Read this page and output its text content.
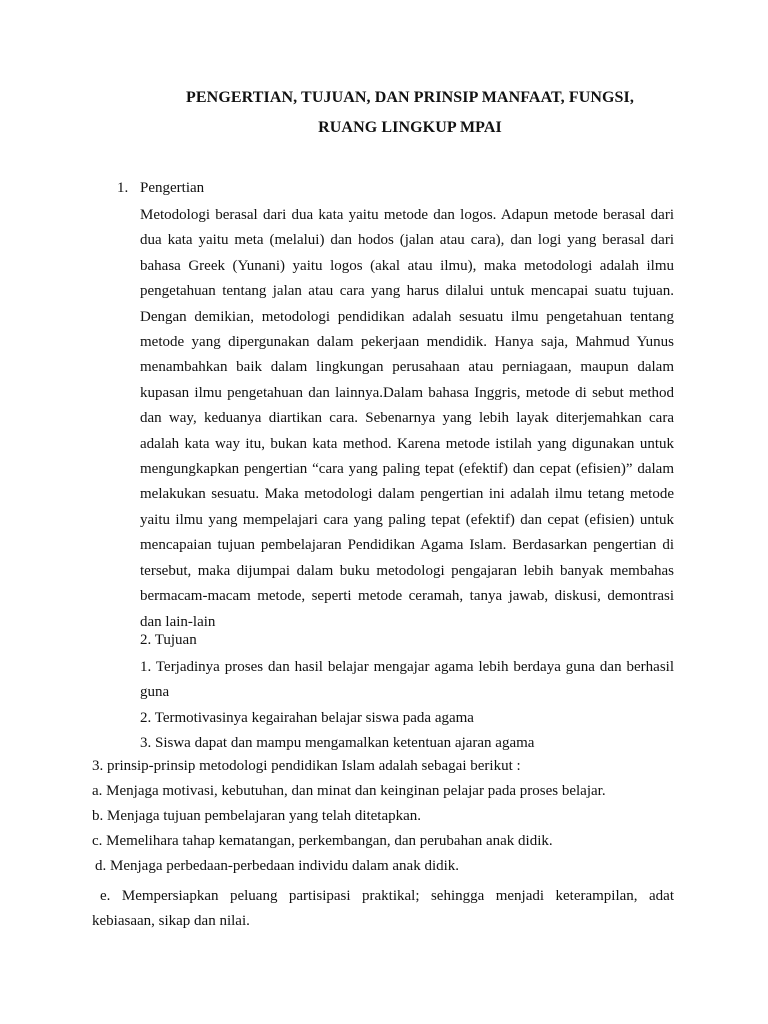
PENGERTIAN, TUJUAN, DAN PRINSIP MANFAAT, FUNGSI,
RUANG LINGKUP MPAI
1. Pengertian

Metodologi berasal dari dua kata yaitu metode dan logos. Adapun metode berasal dari dua kata yaitu meta (melalui) dan hodos (jalan atau cara), dan logi yang berasal dari bahasa Greek (Yunani) yaitu logos (akal atau ilmu), maka metodologi adalah ilmu pengetahuan tentang jalan atau cara yang harus dilalui untuk mencapai suatu tujuan. Dengan demikian, metodologi pendidikan adalah sesuatu ilmu pengetahuan tentang metode yang dipergunakan dalam pekerjaan mendidik. Hanya saja, Mahmud Yunus menambahkan baik dalam lingkungan perusahaan atau perniagaan, maupun dalam kupasan ilmu pengetahuan dan lainnya.Dalam bahasa Inggris, metode di sebut method dan way, keduanya diartikan cara. Sebenarnya yang lebih layak diterjemahkan cara adalah kata way itu, bukan kata method. Karena metode istilah yang digunakan untuk mengungkapkan pengertian “cara yang paling tepat (efektif) dan cepat (efisien)” dalam melakukan sesuatu. Maka metodologi dalam pengertian ini adalah ilmu tetang metode yaitu ilmu yang mempelajari cara yang paling tepat (efektif) dan cepat (efisien) untuk mencapaian tujuan pembelajaran Pendidikan Agama Islam. Berdasarkan pengertian di tersebut, maka dijumpai dalam buku metodologi pengajaran lebih banyak membahas bermacam-macam metode, seperti metode ceramah, tanya jawab, diskusi, demontrasi dan lain-lain

2. Tujuan

1. Terjadinya proses dan hasil belajar mengajar agama lebih berdaya guna dan berhasil guna

2. Termotivasinya kegairahan belajar siswa pada agama

3. Siswa dapat dan mampu mengamalkan ketentuan ajaran agama

3. prinsip-prinsip metodologi pendidikan Islam adalah sebagai berikut :

a. Menjaga motivasi, kebutuhan, dan minat dan keinginan pelajar pada proses belajar.

b. Menjaga tujuan pembelajaran yang telah ditetapkan.

c. Memelihara tahap kematangan, perkembangan, dan perubahan anak didik.

d. Menjaga perbedaan-perbedaan individu dalam anak didik.

e. Mempersiapkan peluang partisipasi praktikal; sehingga menjadi keterampilan, adat kebiasaan, sikap dan nilai.
